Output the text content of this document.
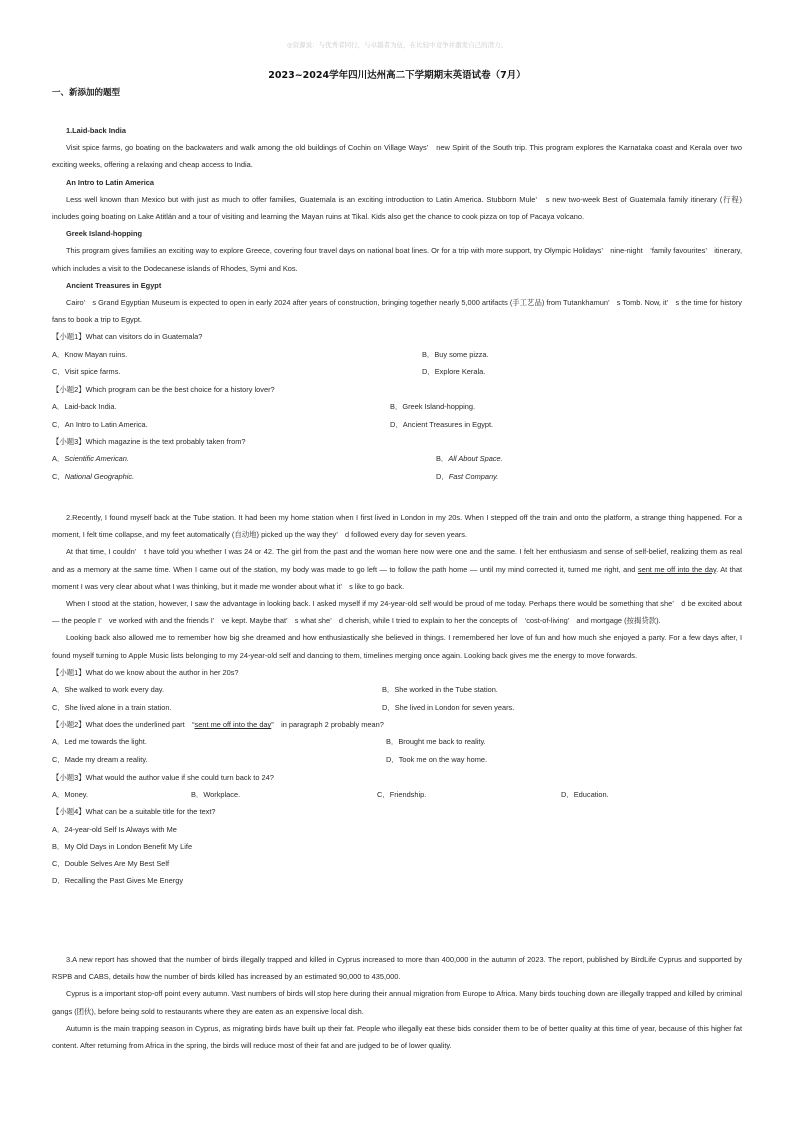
◎资源说：与优秀者同行，与卓越者为伍，在比较中竞争并激发自己的潜力。
2023~2024学年四川达州高二下学期期末英语试卷（7月）
一、新添加的题型

1.Laid-back India

Visit spice farms, go boating on the backwaters and walk among the old buildings of Cochin on Village Ways’　new Spirit of the South trip. This program explores the Karnataka coast and Kerala over two exciting weeks, offering a relaxing and cheap access to India.

An Intro to Latin America

Less well known than Mexico but with just as much to offer families, Guatemala is an exciting introduction to Latin America. Stubborn Mule’　s new two-week Best of Guatemala family itinerary (行程) includes going boating on Lake Atitlán and a tour of visiting and learning the Mayan ruins at Tikal. Kids also get the chance to cook pizza on top of Pacaya volcano.

Greek Island-hopping

This program gives families an exciting way to explore Greece, covering four travel days on national boat lines. Or for a trip with more support, try Olympic Holidays’　nine-night　‘family favourites’　itinerary, which includes a visit to the Dodecanese islands of Rhodes, Symi and Kos.

Ancient Treasures in Egypt

Cairo’　s Grand Egyptian Museum is expected to open in early 2024 after years of construction, bringing together nearly 5,000 artifacts (手工艺品) from Tutankhamun’　s Tomb. Now, it’　s the time for history fans to book a trip to Egypt.

【小题1】What can visitors do in Guatemala?

A．Know Mayan ruins.	B．Buy some pizza.
C．Visit spice farms.	D．Explore Kerala.

【小题2】Which program can be the best choice for a history lover?

A．Laid-back India.	B．Greek Island-hopping.
C．An Intro to Latin America.	D．Ancient Treasures in Egypt.

【小题3】Which magazine is the text probably taken from?

A．Scientific American.	B．All About Space.
C．National Geographic.	D．Fast Company.

2.Recently, I found myself back at the Tube station. It had been my home station when I first lived in London in my 20s. When I stepped off the train and onto the platform, a strange thing happened. For a moment, I felt time collapse, and my feet automatically (自动地) picked up the way they’　d followed every day for seven years.

At that time, I couldn’　t have told you whether I was 24 or 42. The girl from the past and the woman here now were one and the same. I felt her enthusiasm and sense of self-belief, realizing them as real and as a memory at the same time. When I came out of the station, my body was made to go left — to follow the path home — until my mind corrected it, turned me right, and sent me off into the day. At that moment I was very clear about what I was thinking, but it made me wonder about what it’　s like to go back.

When I stood at the station, however, I saw the advantage in looking back. I asked myself if my 24-year-old self would be proud of me today. Perhaps there would be something that she’　d be excited about — the people I’　ve worked with and the friends I’　ve kept. Maybe that’　s what she’　d cherish, while I tried to explain to her the concepts of　‘cost-of-living’　and mortgage (按揭贷款).

Looking back also allowed me to remember how big she dreamed and how enthusiastically she believed in things. I remembered her love of fun and how much she enjoyed a party. For a few days after, I found myself turning to Apple Music lists belonging to my 24-year-old self and dancing to them, timelines merging once again. Looking back gives me the energy to move forwards.

【小题1】What do we know about the author in her 20s?

A．She walked to work every day.	B．She worked in the Tube station.
C．She lived alone in a train station.	D．She lived in London for seven years.

【小题2】What does the underlined part　“sent me off into the day”　in paragraph 2 probably mean?

A．Led me towards the light.	B．Brought me back to reality.
C．Made my dream a reality.	D．Took me on the way home.

【小题3】What would the author value if she could turn back to 24?

A．Money.	B．Workplace.	C．Friendship.	D．Education.

【小题4】What can be a suitable title for the text?

A．24-year-old Self Is Always with Me

B．My Old Days in London Benefit My Life

C．Double Selves Are My Best Self

D．Recalling the Past Gives Me Energy

3.A new report has showed that the number of birds illegally trapped and killed in Cyprus increased to more than 400,000 in the autumn of 2023. The report, published by BirdLife Cyprus and supported by RSPB and CABS, details how the number of birds killed has increased by an estimated 90,000 to 435,000.

Cyprus is a important stop-off point every autumn. Vast numbers of birds will stop here during their annual migration from Europe to Africa. Many birds touching down are illegally trapped and killed by criminal gangs (团伙), before being sold to restaurants where they are eaten as an expensive local dish.

Autumn is the main trapping season in Cyprus, as migrating birds have built up their fat. People who illegally eat these bids consider them to be of better quality at this time of year, because of this higher fat content. After returning from Africa in the spring, the birds will reduce most of their fat and are judged to be of lower quality.
